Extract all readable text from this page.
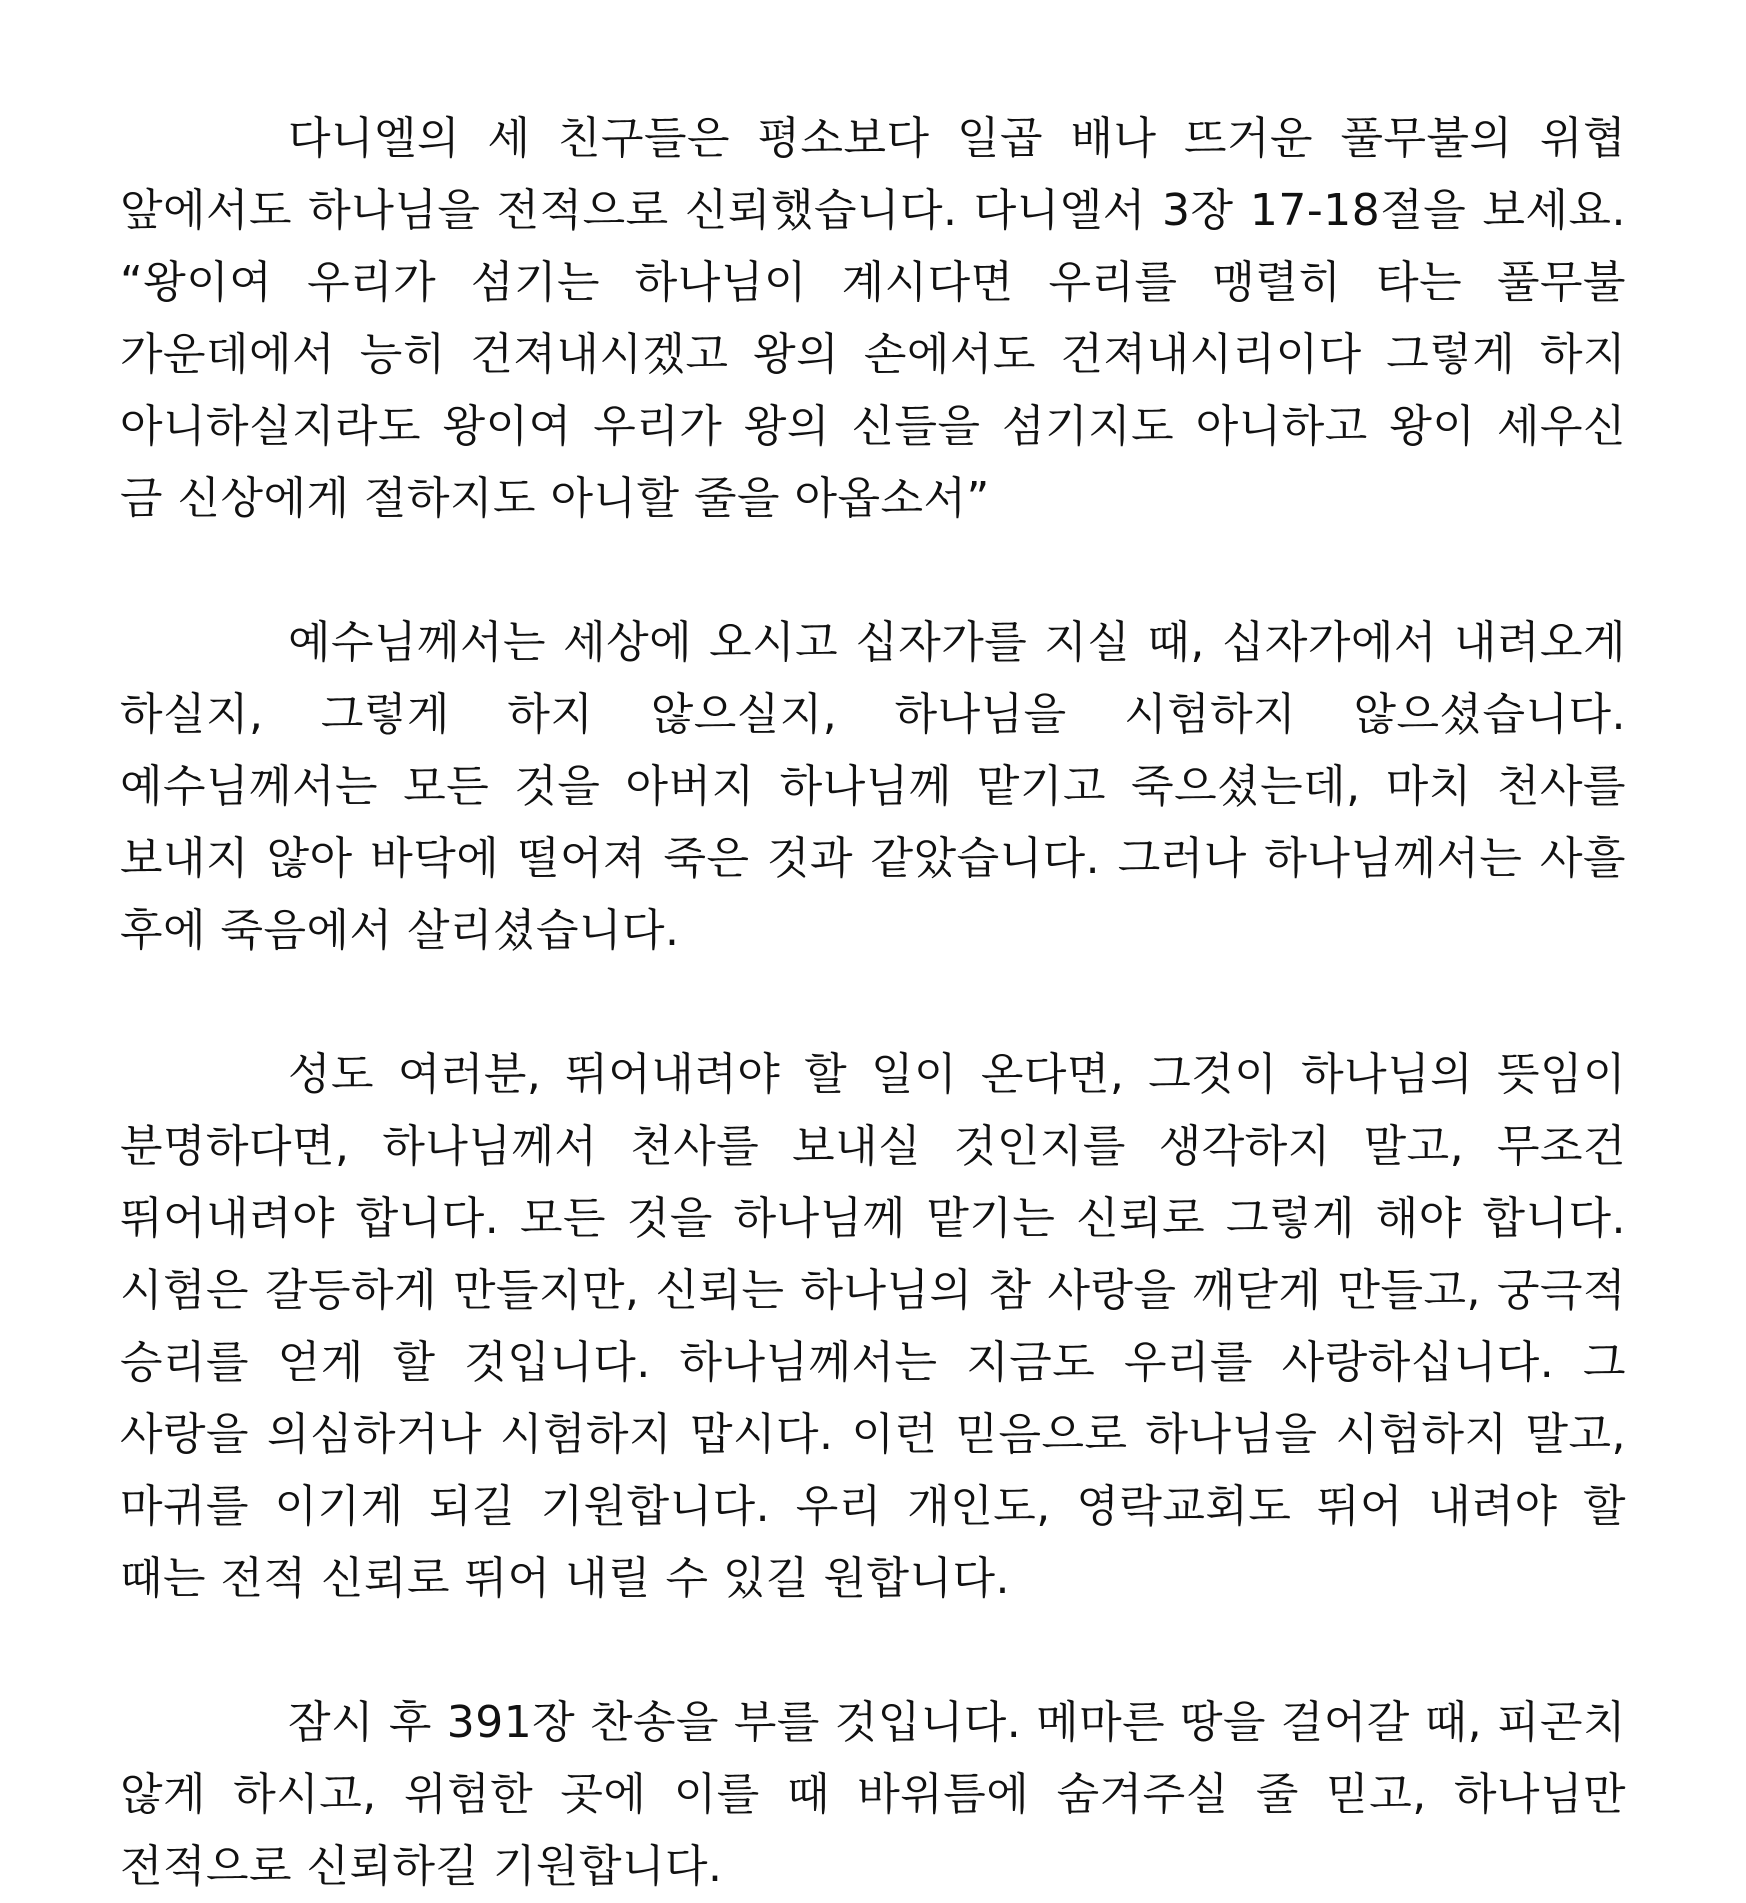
다니엘의 세 친구들은 평소보다 일곱 배나 뜨거운 풀무불의 위협 앞에서도 하나님을 전적으로 신뢰했습니다. 다니엘서 3장 17-18절을 보세요. “왕이여 우리가 섬기는 하나님이 계시다면 우리를 맹렬히 타는 풀무불 가운데에서 능히 건져내시겠고 왕의 손에서도 건져내시리이다 그렇게 하지 아니하실지라도 왕이여 우리가 왕의 신들을 섬기지도 아니하고 왕이 세우신 금 신상에게 절하지도 아니할 줄을 아옵소서”

예수님께서는 세상에 오시고 십자가를 지실 때, 십자가에서 내려오게 하실지, 그렇게 하지 않으실지, 하나님을 시험하지 않으셨습니다. 예수님께서는 모든 것을 아버지 하나님께 맡기고 죽으셨는데, 마치 천사를 보내지 않아 바닥에 떨어져 죽은 것과 같았습니다. 그러나 하나님께서는 사흘 후에 죽음에서 살리셨습니다.

성도 여러분, 뛰어내려야 할 일이 온다면, 그것이 하나님의 뜻임이 분명하다면, 하나님께서 천사를 보내실 것인지를 생각하지 말고, 무조건 뛰어내려야 합니다. 모든 것을 하나님께 맡기는 신뢰로 그렇게 해야 합니다. 시험은 갈등하게 만들지만, 신뢰는 하나님의 참 사랑을 깨닫게 만들고, 궁극적 승리를 얻게 할 것입니다. 하나님께서는 지금도 우리를 사랑하십니다. 그 사랑을 의심하거나 시험하지 맙시다. 이런 믿음으로 하나님을 시험하지 말고, 마귀를 이기게 되길 기원합니다. 우리 개인도, 영락교회도 뛰어 내려야 할 때는 전적 신뢰로 뛰어 내릴 수 있길 원합니다.

잠시 후 391장 찬송을 부를 것입니다. 메마른 땅을 걸어갈 때, 피곤치 않게 하시고, 위험한 곳에 이를 때 바위틈에 숨겨주실 줄 믿고, 하나님만 전적으로 신뢰하길 기원합니다.
